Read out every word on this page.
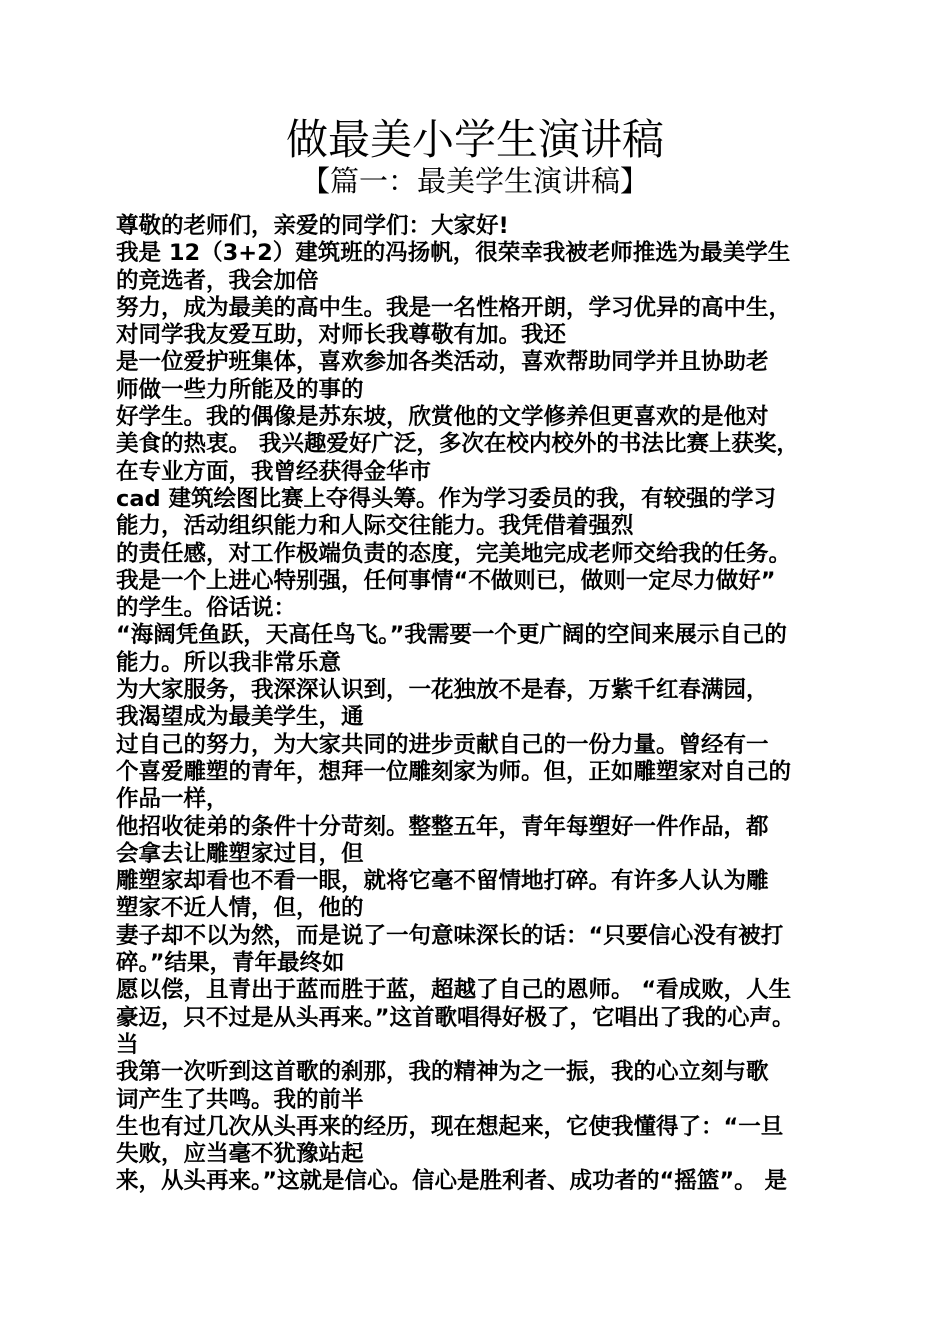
做最美小学生演讲稿
【篇一：最美学生演讲稿】
尊敬的老师们，亲爱的同学们：大家好!
我是 12（3+2）建筑班的冯扬帆，很荣幸我被老师推选为最美学生
的竞选者，我会加倍
努力，成为最美的高中生。我是一名性格开朗，学习优异的高中生，
对同学我友爱互助，对师长我尊敬有加。我还
是一位爱护班集体，喜欢参加各类活动，喜欢帮助同学并且协助老
师做一些力所能及的事的
好学生。我的偶像是苏东坡，欣赏他的文学修养但更喜欢的是他对
美食的热衷。 我兴趣爱好广泛，多次在校内校外的书法比赛上获奖，
在专业方面，我曾经获得金华市
cad 建筑绘图比赛上夺得头筹。作为学习委员的我，有较强的学习
能力，活动组织能力和人际交往能力。我凭借着强烈
的责任感，对工作极端负责的态度，完美地完成老师交给我的任务。
我是一个上进心特别强，任何事情“不做则已，做则一定尽力做好”
的学生。俗话说：
“海阔凭鱼跃，天高任鸟飞。”我需要一个更广阔的空间来展示自己的
能力。所以我非常乐意
为大家服务，我深深认识到，一花独放不是春，万紫千红春满园，
我渴望成为最美学生，通
过自己的努力，为大家共同的进步贡献自己的一份力量。曾经有一
个喜爱雕塑的青年，想拜一位雕刻家为师。但，正如雕塑家对自己的
作品一样，
他招收徒弟的条件十分苛刻。整整五年，青年每塑好一件作品，都
会拿去让雕塑家过目，但
雕塑家却看也不看一眼，就将它毫不留情地打碎。有许多人认为雕
塑家不近人情，但，他的
妻子却不以为然，而是说了一句意味深长的话：“只要信心没有被打
碎。”结果，青年最终如
愿以偿，且青出于蓝而胜于蓝，超越了自己的恩师。 “看成败，人生
豪迈，只不过是从头再来。”这首歌唱得好极了，它唱出了我的心声。
当
我第一次听到这首歌的刹那，我的精神为之一振，我的心立刻与歌
词产生了共鸣。我的前半
生也有过几次从头再来的经历，现在想起来，它使我懂得了：“一旦
失败，应当毫不犹豫站起
来，从头再来。”这就是信心。信心是胜利者、成功者的“摇篮”。 是
